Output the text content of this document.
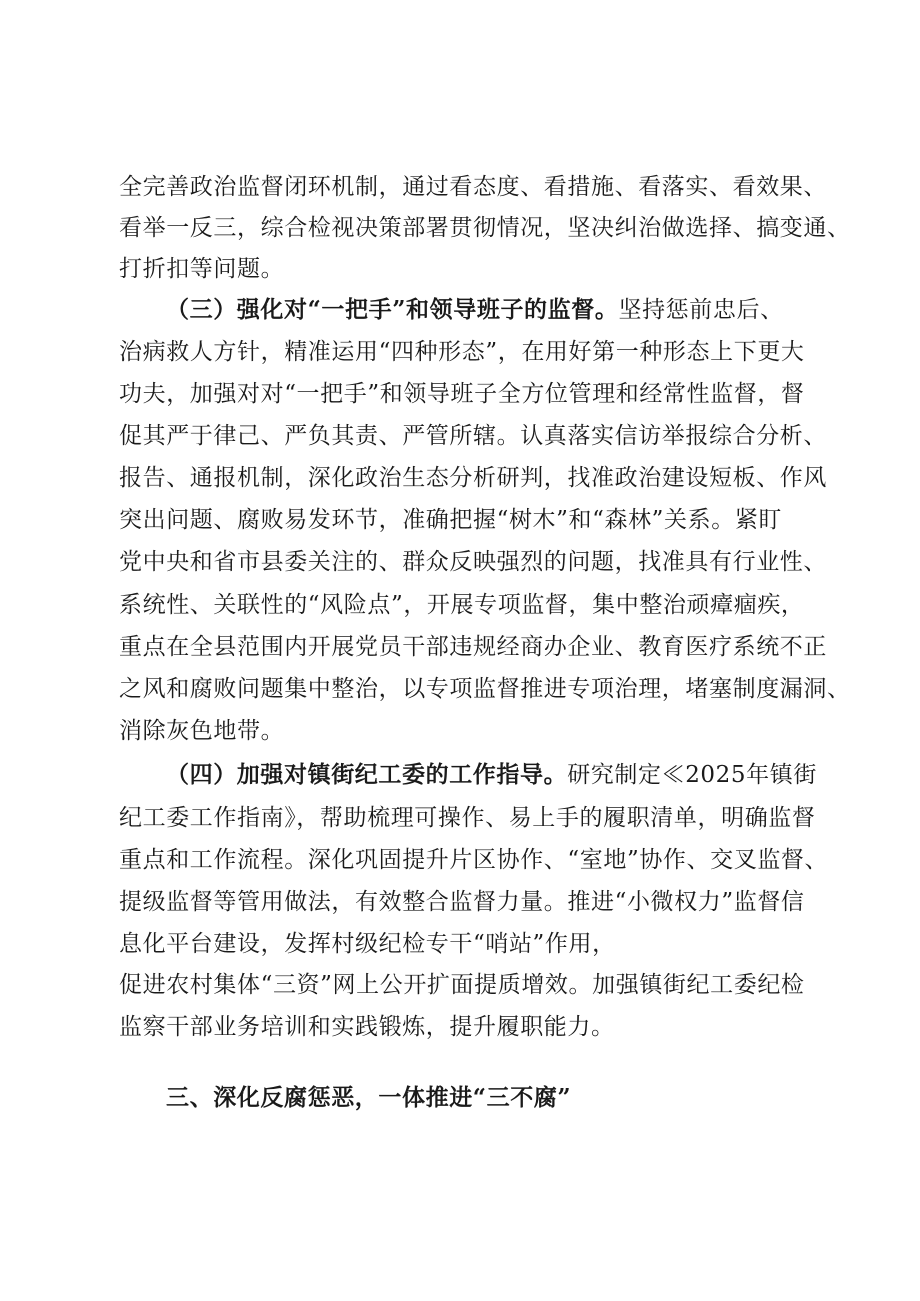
全完善政治监督闭环机制，通过看态度、看措施、看落实、看效果、
看举一反三，综合检视决策部署贯彻情况，坚决纠治做选择、搞变通、
打折扣等问题。
（三）强化对“一把手”和领导班子的监督。坚持惩前忠后、
治病救人方针，精准运用“四种形态”，在用好第一种形态上下更大
功夫，加强对对“一把手”和领导班子全方位管理和经常性监督，督
促其严于律己、严负其责、严管所辖。认真落实信访举报综合分析、
报告、通报机制，深化政治生态分析研判，找准政治建设短板、作风
突出问题、腐败易发环节，准确把握“树木”和“森林”关系。紧盯
党中央和省市县委关注的、群众反映强烈的问题，找准具有行业性、
系统性、关联性的“风险点”，开展专项监督，集中整治顽瘴痼疾，
重点在全县范围内开展党员干部违规经商办企业、教育医疗系统不正
之风和腐败问题集中整治，以专项监督推进专项治理，堵塞制度漏洞、
消除灰色地带。
（四）加强对镇街纪工委的工作指导。研究制定≪2025年镇街
纪工委工作指南》，帮助梳理可操作、易上手的履职清单，明确监督
重点和工作流程。深化巩固提升片区协作、“室地”协作、交叉监督、
提级监督等管用做法，有效整合监督力量。推进“小微权力”监督信
息化平台建设，发挥村级纪检专干“哨站”作用，
促进农村集体“三资”网上公开扩面提质增效。加强镇街纪工委纪检
监察干部业务培训和实践锻炼，提升履职能力。
三、深化反腐惩恶，一体推进“三不腐”
